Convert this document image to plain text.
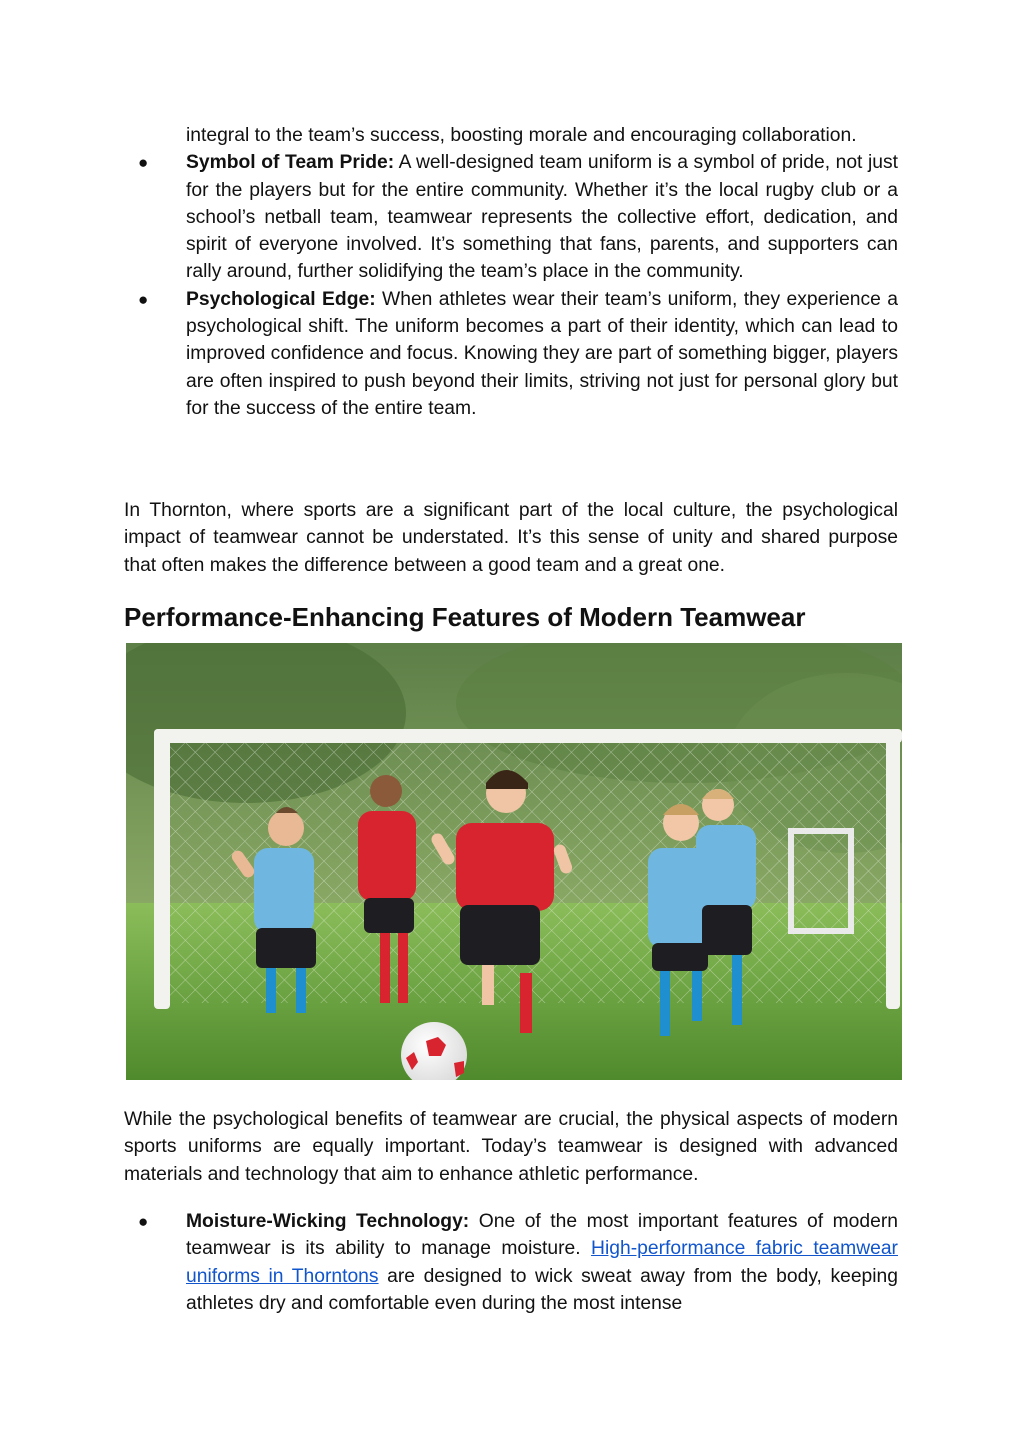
integral to the team’s success, boosting morale and encouraging collaboration.

● Symbol of Team Pride: A well-designed team uniform is a symbol of pride, not just for the players but for the entire community. Whether it’s the local rugby club or a school’s netball team, teamwear represents the collective effort, dedication, and spirit of everyone involved. It’s something that fans, parents, and supporters can rally around, further solidifying the team’s place in the community.
● Psychological Edge: When athletes wear their team’s uniform, they experience a psychological shift. The uniform becomes a part of their identity, which can lead to improved confidence and focus. Knowing they are part of something bigger, players are often inspired to push beyond their limits, striving not just for personal glory but for the success of the entire team.

In Thornton, where sports are a significant part of the local culture, the psychological impact of teamwear cannot be understated. It’s this sense of unity and shared purpose that often makes the difference between a good team and a great one.

Performance-Enhancing Features of Modern Teamwear

While the psychological benefits of teamwear are crucial, the physical aspects of modern sports uniforms are equally important. Today’s teamwear is designed with advanced materials and technology that aim to enhance athletic performance.

● Moisture-Wicking Technology: One of the most important features of modern teamwear is its ability to manage moisture. High-performance fabric teamwear uniforms in Thorntons are designed to wick sweat away from the body, keeping athletes dry and comfortable even during the most intense
